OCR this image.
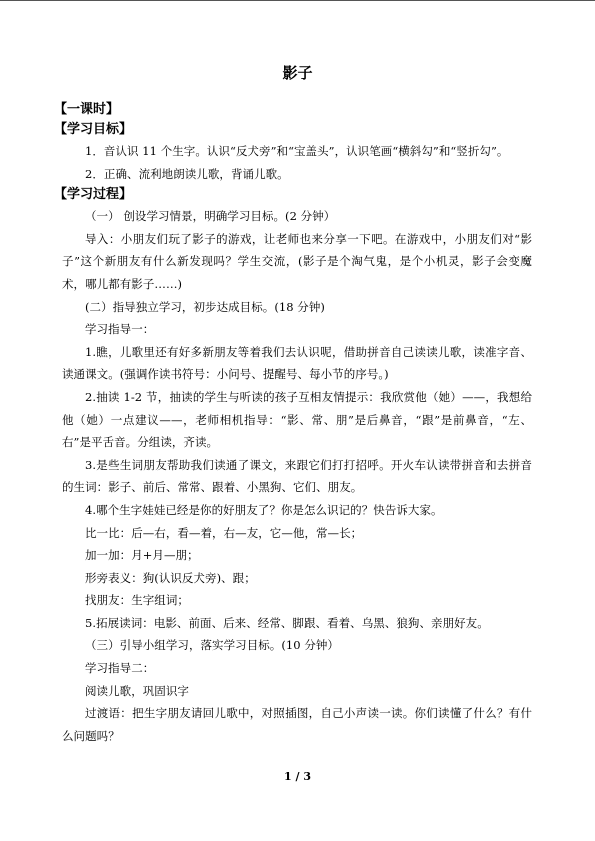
影子
【一课时】
【学习目标】
1．音认识 11 个生字。认识“反犬旁”和“宝盖头”，认识笔画“横斜勾”和“竖折勾”。
2．正确、流利地朗读儿歌，背诵儿歌。
【学习过程】
（一） 创设学习情景，明确学习目标。(2 分钟）
导入：小朋友们玩了影子的游戏，让老师也来分享一下吧。在游戏中，小朋友们对“影子”这个新朋友有什么新发现吗？学生交流，(影子是个淘气鬼，是个小机灵，影子会变魔术，哪儿都有影子……)
(二）指导独立学习，初步达成目标。(18 分钟)
学习指导一：
1.瞧，儿歌里还有好多新朋友等着我们去认识呢，借助拼音自己读读儿歌，读准字音、读通课文。(强调作读书符号：小问号、提醒号、每小节的序号。)
2.抽读 1-2 节，抽读的学生与听读的孩子互相友情提示：我欣赏他（她）——，我想给他（她）一点建议——，老师相机指导：“影、常、朋”是后鼻音，“跟”是前鼻音，“左、右”是平舌音。分组读，齐读。
3.是些生词朋友帮助我们读通了课文，来跟它们打打招呼。开火车认读带拼音和去拼音的生词：影子、前后、常常、跟着、小黑狗、它们、朋友。
4.哪个生字娃娃已经是你的好朋友了？你是怎么识记的？快告诉大家。
比一比：后—右，看—着，右—友，它—他，常—长；
加一加：月+月—朋；
形旁表义：狗(认识反犬旁)、跟；
找朋友：生字组词；
5.拓展读词：电影、前面、后来、经常、脚跟、看着、乌黑、狼狗、亲朋好友。
（三）引导小组学习，落实学习目标。(10 分钟）
学习指导二：
阅读儿歌，巩固识字
过渡语：把生字朋友请回儿歌中，对照插图，自己小声读一读。你们读懂了什么？有什么问题吗？
1 / 3
